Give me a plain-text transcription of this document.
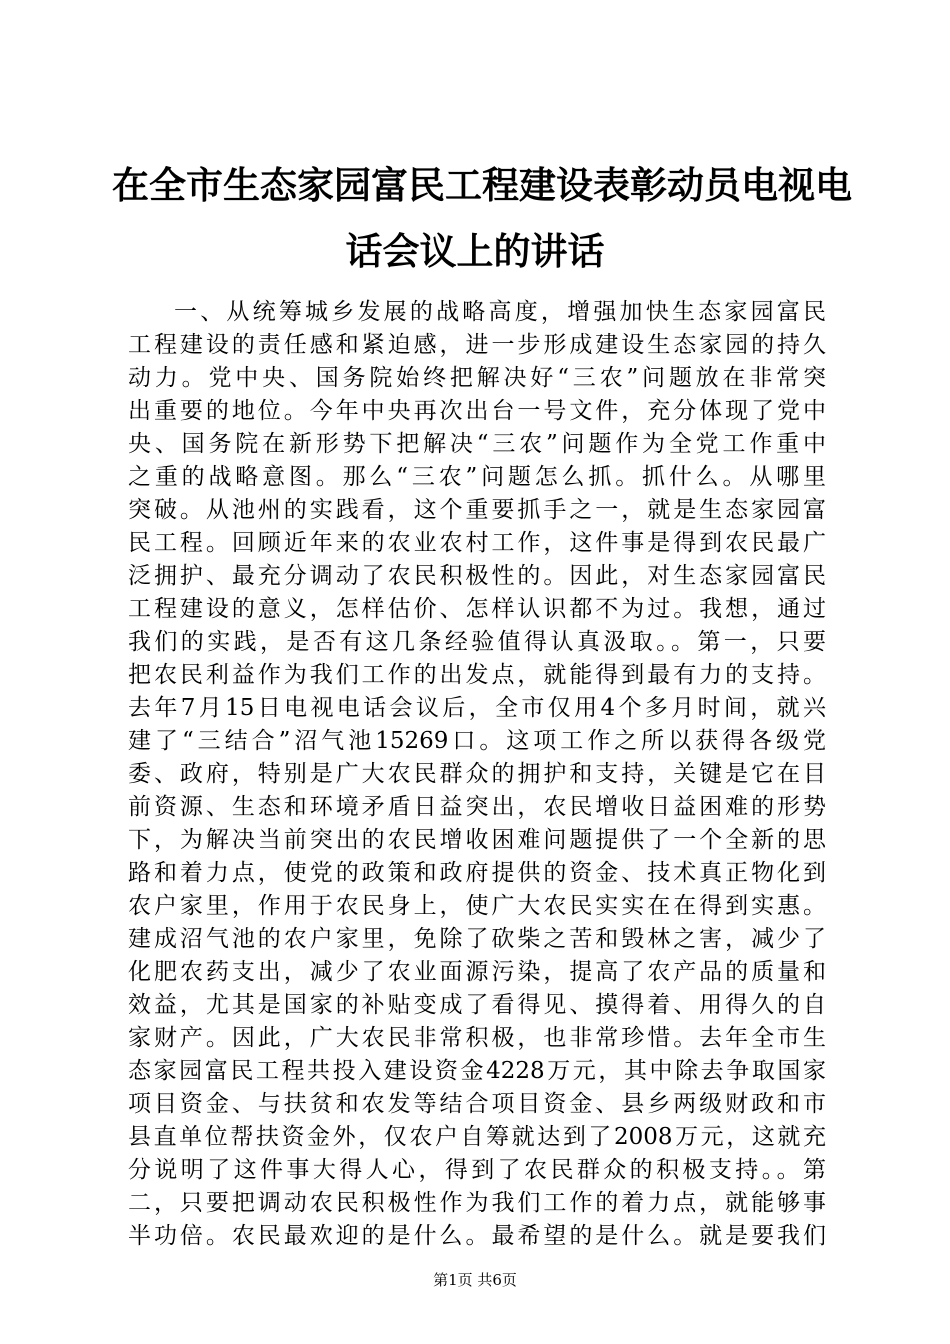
在全市生态家园富民工程建设表彰动员电视电
话会议上的讲话
一、从统筹城乡发展的战略高度，增强加快生态家园富民
工程建设的责任感和紧迫感，进一步形成建设生态家园的持久
动力。党中央、国务院始终把解决好“三农”问题放在非常突
出重要的地位。今年中央再次出台一号文件，充分体现了党中
央、国务院在新形势下把解决“三农”问题作为全党工作重中
之重的战略意图。那么“三农”问题怎么抓。抓什么。从哪里
突破。从池州的实践看，这个重要抓手之一，就是生态家园富
民工程。回顾近年来的农业农村工作，这件事是得到农民最广
泛拥护、最充分调动了农民积极性的。因此，对生态家园富民
工程建设的意义，怎样估价、怎样认识都不为过。我想，通过
我们的实践，是否有这几条经验值得认真汲取。。第一，只要
把农民利益作为我们工作的出发点，就能得到最有力的支持。
去年7月15日电视电话会议后，全市仅用4个多月时间，就兴
建了“三结合”沼气池15269口。这项工作之所以获得各级党
委、政府，特别是广大农民群众的拥护和支持，关键是它在目
前资源、生态和环境矛盾日益突出，农民增收日益困难的形势
下，为解决当前突出的农民增收困难问题提供了一个全新的思
路和着力点，使党的政策和政府提供的资金、技术真正物化到
农户家里，作用于农民身上，使广大农民实实在在得到实惠。
建成沼气池的农户家里，免除了砍柴之苦和毁林之害，减少了
化肥农药支出，减少了农业面源污染，提高了农产品的质量和
效益，尤其是国家的补贴变成了看得见、摸得着、用得久的自
家财产。因此，广大农民非常积极，也非常珍惜。去年全市生
态家园富民工程共投入建设资金4228万元，其中除去争取国家
项目资金、与扶贫和农发等结合项目资金、县乡两级财政和市
县直单位帮扶资金外，仅农户自筹就达到了2008万元，这就充
分说明了这件事大得人心，得到了农民群众的积极支持。。第
二，只要把调动农民积极性作为我们工作的着力点，就能够事
半功倍。农民最欢迎的是什么。最希望的是什么。就是要我们
第1页 共6页
